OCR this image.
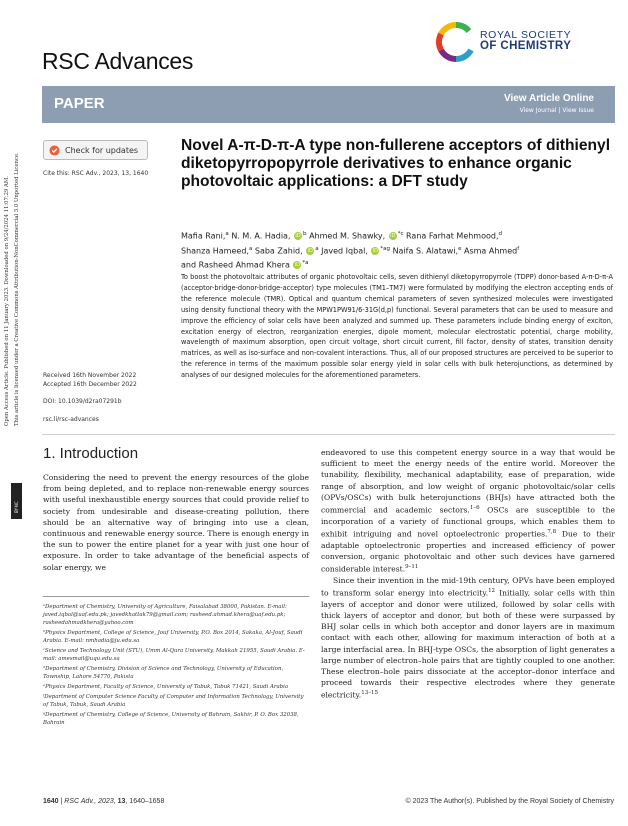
ROYAL SOCIETY
OF CHEMISTRY
RSC Advances
PAPER	View Article Online
View Journal | View Issue
Check for updates
Cite this: RSC Adv., 2023, 13, 1640
Received 16th November 2022
Accepted 16th December 2022
DOI: 10.1039/d2ra07291b
rsc.li/rsc-advances
Open Access Article. Published on 11 January 2023. Downloaded on 9/24/2024 11:07:29 AM. This article is licensed under a Creative Commons Attribution-NonCommercial 3.0 Unported Licence.
BY-NC
Novel A-π-D-π-A type non-fullerene acceptors of dithienyl diketopyrropopyrrole derivatives to enhance organic photovoltaic applications: a DFT study
Mafia Rani,$^a$ N. M. A. Hadia, iD $^b$ Ahmed M. Shawky, iD $^{*c}$ Rana Farhat Mehmood,$^d$
Shanza Hameed,$^a$ Saba Zahid, iD $^a$ Javed Iqbal, iD $^{*ag}$ Naifa S. Alatawi,$^e$ Asma Ahmed$^f$
and Rasheed Ahmad Khera iD $^{*a}$
To boost the photovoltaic attributes of organic photovoltaic cells, seven dithienyl diketopyrropyrrole (TDPP) donor-based A-π-D-π-A (acceptor-bridge-donor-bridge-acceptor) type molecules (TM1–TM7) were formulated by modifying the electron accepting ends of the reference molecule (TMR). Optical and quantum chemical parameters of seven synthesized molecules were investigated using density functional theory with the MPW1PW91/6-31G(d,p) functional. Several parameters that can be used to measure and improve the efficiency of solar cells have been analyzed and summed up. These parameters include binding energy of exciton, excitation energy of electron, reorganization energies, dipole moment, molecular electrostatic potential, charge mobility, wavelength of maximum absorption, open circuit voltage, short circuit current, fill factor, density of states, transition density matrices, as well as iso-surface and non-covalent interactions. Thus, all of our proposed structures are perceived to be superior to the reference in terms of the maximum possible solar energy yield in solar cells with bulk heterojunctions, as determined by analyses of our designed molecules for the aforementioned parameters.
1. Introduction
Considering the need to prevent the energy resources of the globe from being depleted, and to replace non-renewable energy sources with useful inexhaustible energy sources that could provide relief to society from undesirable and disease-creating pollution, there should be an alternative way of bringing into use a clean, continuous and renewable energy source. There is enough energy in the sun to power the entire planet for a year with just one hour of exposure. In order to take advantage of the beneficial aspects of solar energy, we

endeavored to use this competent energy source in a way that would be sufficient to meet the energy needs of the entire world. Moreover the tunability, flexibility, mechanical adaptability, ease of preparation, wide range of absorption, and low weight of organic photovoltaic/solar cells (OPVs/OSCs) with bulk heterojunctions (BHJs) have attracted both the commercial and academic sectors.$^{1-6}$ OSCs are susceptible to the incorporation of a variety of functional groups, which enables them to exhibit intriguing and novel optoelectronic properties.$^{7,8}$ Due to their adaptable optoelectronic properties and increased efficiency of power conversion, organic photovoltaic and other such devices have garnered considerable interest.$^{9-11}$

Since their invention in the mid-19th century, OPVs have been employed to transform solar energy into electricity.$^{12}$ Initially, solar cells with thin layers of acceptor and donor were utilized, followed by solar cells with thick layers of acceptor and donor, but both of these were surpassed by BHJ solar cells in which both acceptor and donor layers are in maximum contact with each other, allowing for maximum interaction of both at a large interfacial area. In BHJ-type OSCs, the absorption of light generates a large number of electron–hole pairs that are tightly coupled to one another. These electron–hole pairs dissociate at the acceptor–donor interface and proceed towards their respective electrodes where they generate electricity.$^{13-15}$

ᵃDepartment of Chemistry, University of Agriculture, Faisalabad 38000, Pakistan. E-mail: javed.iqbal@uaf.edu.pk; javedkhattak79@gmail.com; rasheed.ahmad.khera@uaf.edu.pk; rasheedahmadkhera@yahoo.com
ᵇPhysics Department, College of Science, Jouf University, P.O. Box 2014, Sakaka, Al-Jouf, Saudi Arabia. E-mail: nmhadia@ju.edu.sa
ᶜScience and Technology Unit (STU), Umm Al-Qura University, Makkah 21955, Saudi Arabia. E-mail: amesmail@uqu.edu.sa
ᵈDepartment of Chemistry, Division of Science and Technology, University of Education, Township, Lahore 54770, Pakista
ᵉPhysics Department, Faculty of Science, University of Tabuk, Tabuk 71421, Saudi Arabia
ᶠDepartment of Computer Science Faculty of Computer and Information Technology, University of Tabuk, Tabuk, Saudi Arabia
ᵍDepartment of Chemistry, College of Science, University of Bahrain, Sakhir, P. O. Box 32038, Bahrain
1640 | RSC Adv., 2023, 13, 1640–1658	© 2023 The Author(s). Published by the Royal Society of Chemistry
